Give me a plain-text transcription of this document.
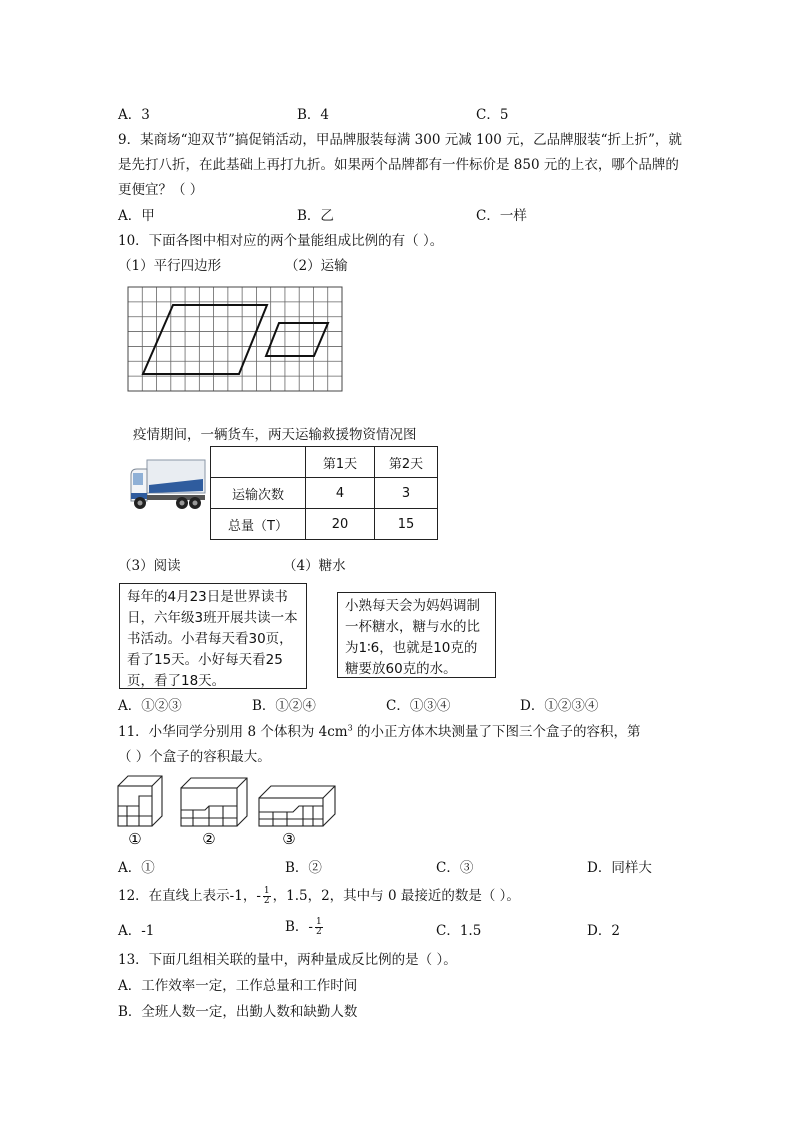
A．3	B．4	C．5
9．某商场“迎双节”搞促销活动，甲品牌服装每满 300 元减 100 元，乙品牌服装“折上折”，就
是先打八折，在此基础上再打九折。如果两个品牌都有一件标价是 850 元的上衣，哪个品牌的
更便宜？（ ）
A．甲	B．乙	C．一样
10．下面各图中相对应的两个量能组成比例的有（ ）。
（1）平行四边形	（2）运输
疫情期间，一辆货车，两天运输救援物资情况图
	第1天	第2天
运输次数	4	3
总量（T）	20	15
（3）阅读	（4）糖水
每年的4月23日是世界读书日，六年级3班开展共读一本书活动。小君每天看30页，看了15天。小好每天看25页，看了18天。
小熟每天会为妈妈调制一杯糖水，糖与水的比为1∶6，也就是10克的糖要放60克的水。
A．①②③	B．①②④	C．①③④	D．①②③④
11．小华同学分别用 8 个体积为 $4cm^3$ 的小正方体木块测量了下图三个盒子的容积，第
（ ）个盒子的容积最大。
①	②	③
A．①	B．②	C．③	D．同样大
12．在直线上表示-1，- $\frac{1}{2}$ ，1.5，2，其中与 0 最接近的数是（ ）。
A．-1	B．- $\frac{1}{2}$	C．1.5	D．2
13．下面几组相关联的量中，两种量成反比例的是（ ）。
A．工作效率一定，工作总量和工作时间
B．全班人数一定，出勤人数和缺勤人数
